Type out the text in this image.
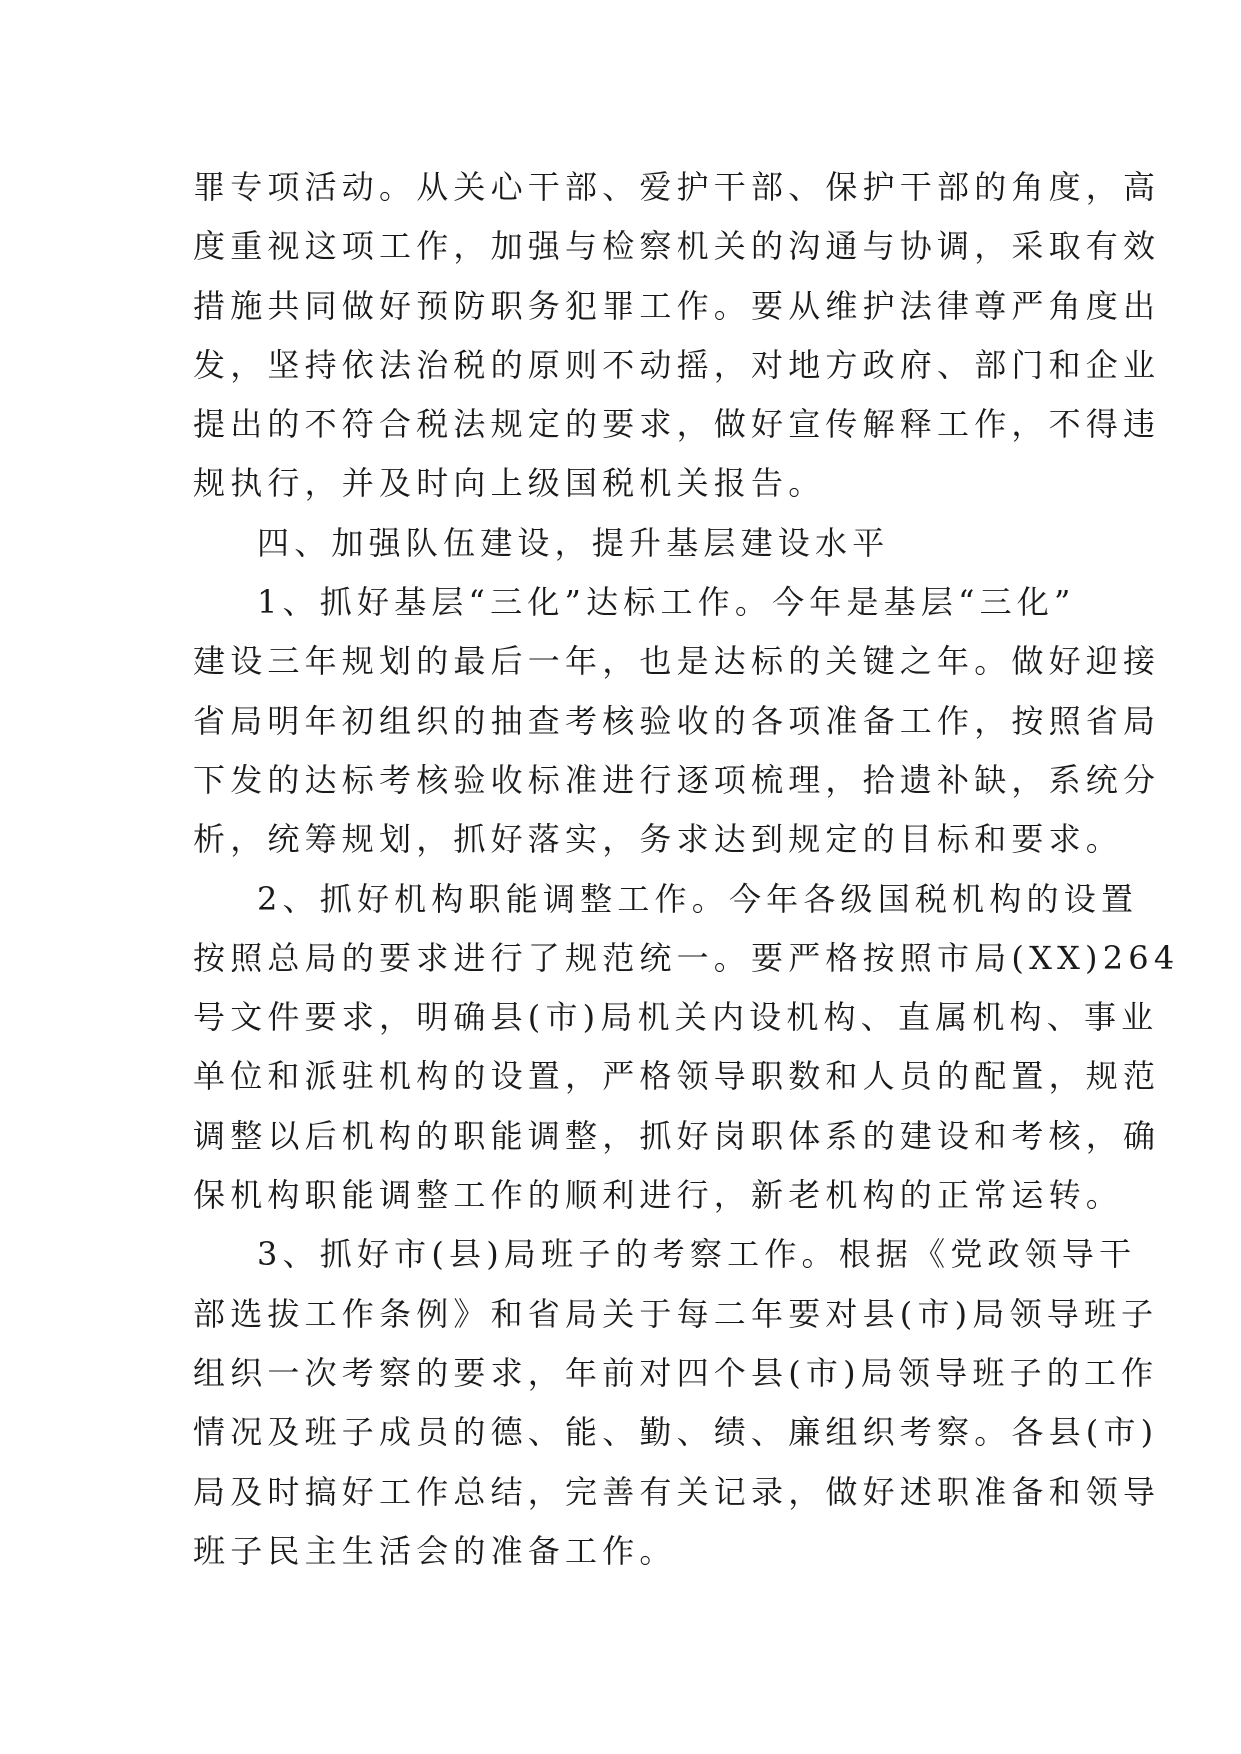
罪专项活动。从关心干部、爱护干部、保护干部的角度，高
度重视这项工作，加强与检察机关的沟通与协调，采取有效
措施共同做好预防职务犯罪工作。要从维护法律尊严角度出
发，坚持依法治税的原则不动摇，对地方政府、部门和企业
提出的不符合税法规定的要求，做好宣传解释工作，不得违
规执行，并及时向上级国税机关报告。
四、加强队伍建设，提升基层建设水平
1、抓好基层“三化”达标工作。今年是基层“三化”
建设三年规划的最后一年，也是达标的关键之年。做好迎接
省局明年初组织的抽查考核验收的各项准备工作，按照省局
下发的达标考核验收标准进行逐项梳理，拾遗补缺，系统分
析，统筹规划，抓好落实，务求达到规定的目标和要求。
2、抓好机构职能调整工作。今年各级国税机构的设置
按照总局的要求进行了规范统一。要严格按照市局(XX)264
号文件要求，明确县(市)局机关内设机构、直属机构、事业
单位和派驻机构的设置，严格领导职数和人员的配置，规范
调整以后机构的职能调整，抓好岗职体系的建设和考核，确
保机构职能调整工作的顺利进行，新老机构的正常运转。
3、抓好市(县)局班子的考察工作。根据《党政领导干
部选拔工作条例》和省局关于每二年要对县(市)局领导班子
组织一次考察的要求，年前对四个县(市)局领导班子的工作
情况及班子成员的德、能、勤、绩、廉组织考察。各县(市)
局及时搞好工作总结，完善有关记录，做好述职准备和领导
班子民主生活会的准备工作。
